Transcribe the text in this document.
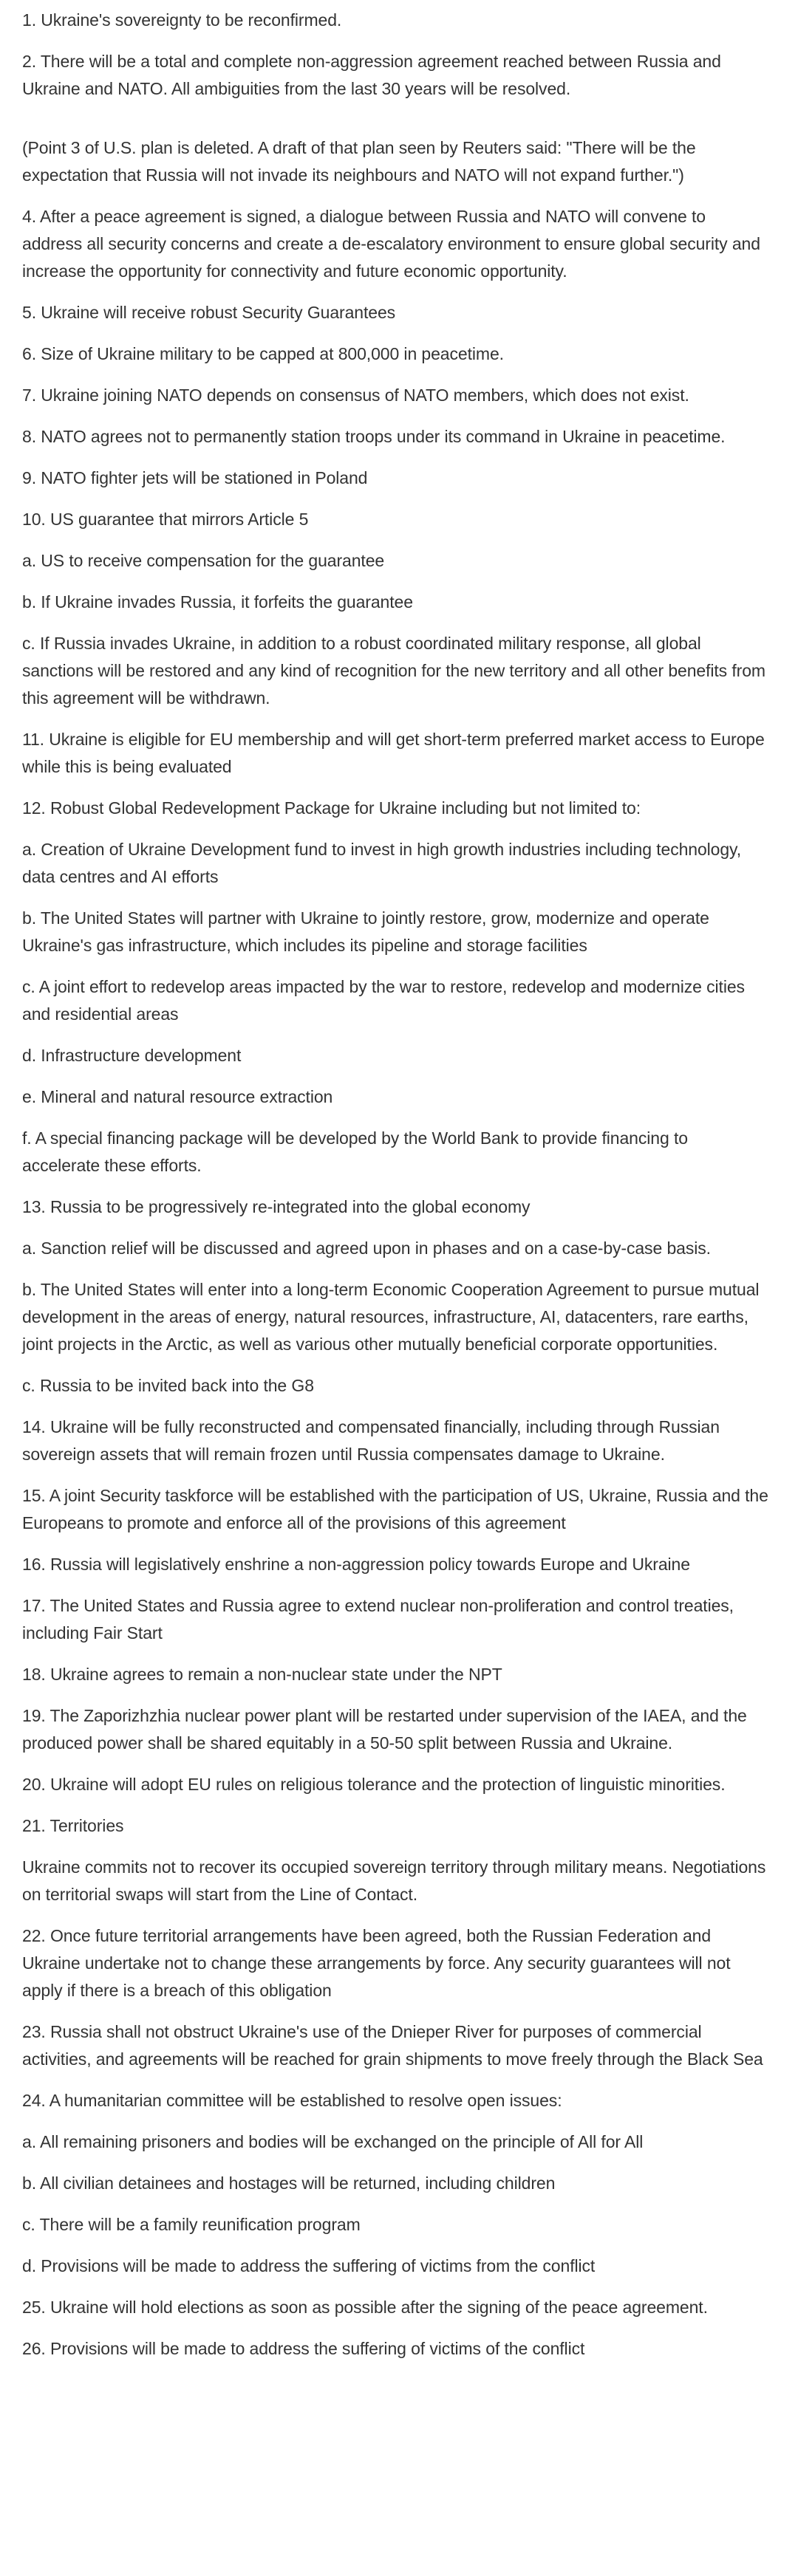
1. Ukraine's sovereignty to be reconfirmed.

2. There will be a total and complete non-aggression agreement reached between Russia and Ukraine and NATO. All ambiguities from the last 30 years will be resolved.

(Point 3 of U.S. plan is deleted. A draft of that plan seen by Reuters said: "There will be the expectation that Russia will not invade its neighbours and NATO will not expand further.")

4. After a peace agreement is signed, a dialogue between Russia and NATO will convene to address all security concerns and create a de-escalatory environment to ensure global security and increase the opportunity for connectivity and future economic opportunity.

5. Ukraine will receive robust Security Guarantees

6. Size of Ukraine military to be capped at 800,000 in peacetime.

7. Ukraine joining NATO depends on consensus of NATO members, which does not exist.

8. NATO agrees not to permanently station troops under its command in Ukraine in peacetime.

9. NATO fighter jets will be stationed in Poland

10. US guarantee that mirrors Article 5

a. US to receive compensation for the guarantee

b. If Ukraine invades Russia, it forfeits the guarantee

c. If Russia invades Ukraine, in addition to a robust coordinated military response, all global sanctions will be restored and any kind of recognition for the new territory and all other benefits from this agreement will be withdrawn.

11. Ukraine is eligible for EU membership and will get short-term preferred market access to Europe while this is being evaluated

12. Robust Global Redevelopment Package for Ukraine including but not limited to:

a. Creation of Ukraine Development fund to invest in high growth industries including technology, data centres and AI efforts

b. The United States will partner with Ukraine to jointly restore, grow, modernize and operate Ukraine's gas infrastructure, which includes its pipeline and storage facilities

c. A joint effort to redevelop areas impacted by the war to restore, redevelop and modernize cities and residential areas

d. Infrastructure development

e. Mineral and natural resource extraction

f. A special financing package will be developed by the World Bank to provide financing to accelerate these efforts.

13. Russia to be progressively re-integrated into the global economy

a. Sanction relief will be discussed and agreed upon in phases and on a case-by-case basis.

b. The United States will enter into a long-term Economic Cooperation Agreement to pursue mutual development in the areas of energy, natural resources, infrastructure, AI, datacenters, rare earths, joint projects in the Arctic, as well as various other mutually beneficial corporate opportunities.

c. Russia to be invited back into the G8

14. Ukraine will be fully reconstructed and compensated financially, including through Russian sovereign assets that will remain frozen until Russia compensates damage to Ukraine.

15. A joint Security taskforce will be established with the participation of US, Ukraine, Russia and the Europeans to promote and enforce all of the provisions of this agreement

16. Russia will legislatively enshrine a non-aggression policy towards Europe and Ukraine

17. The United States and Russia agree to extend nuclear non-proliferation and control treaties, including Fair Start

18. Ukraine agrees to remain a non-nuclear state under the NPT

19. The Zaporizhzhia nuclear power plant will be restarted under supervision of the IAEA, and the produced power shall be shared equitably in a 50-50 split between Russia and Ukraine.

20. Ukraine will adopt EU rules on religious tolerance and the protection of linguistic minorities.

21. Territories

Ukraine commits not to recover its occupied sovereign territory through military means. Negotiations on territorial swaps will start from the Line of Contact.

22. Once future territorial arrangements have been agreed, both the Russian Federation and Ukraine undertake not to change these arrangements by force. Any security guarantees will not apply if there is a breach of this obligation

23. Russia shall not obstruct Ukraine's use of the Dnieper River for purposes of commercial activities, and agreements will be reached for grain shipments to move freely through the Black Sea

24. A humanitarian committee will be established to resolve open issues:

a. All remaining prisoners and bodies will be exchanged on the principle of All for All

b. All civilian detainees and hostages will be returned, including children

c. There will be a family reunification program

d. Provisions will be made to address the suffering of victims from the conflict

25. Ukraine will hold elections as soon as possible after the signing of the peace agreement.

26. Provisions will be made to address the suffering of victims of the conflict
